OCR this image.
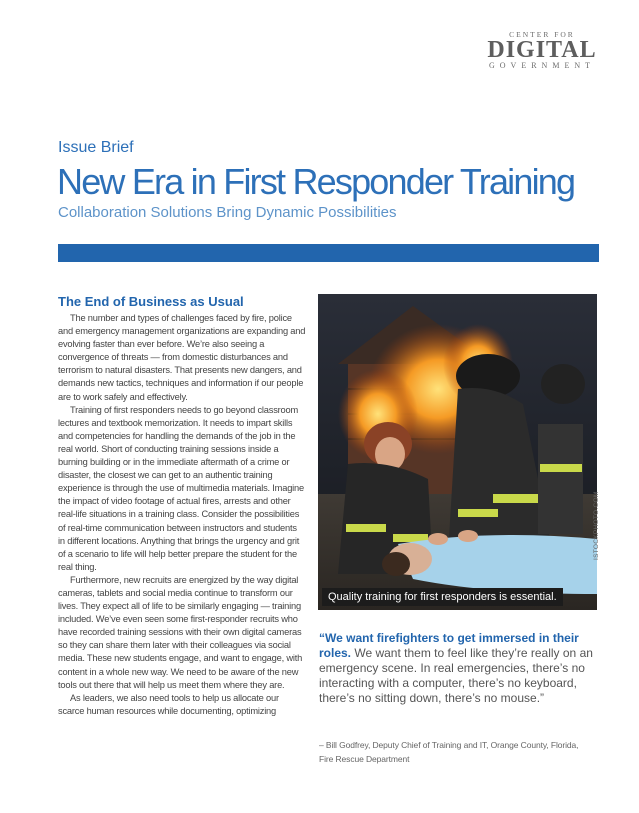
CENTER FOR
DIGITAL
GOVERNMENT
Issue Brief
New Era in First Responder Training
Collaboration Solutions Bring Dynamic Possibilities
The End of Business as Usual

The number and types of challenges faced by fire, police and emergency management organizations are expanding and evolving faster than ever before. We’re also seeing a convergence of threats — from domestic disturbances and terrorism to natural disasters. That presents new dangers, and demands new tactics, techniques and information if our people are to work safely and effectively.

Training of first responders needs to go beyond classroom lectures and textbook memorization. It needs to impart skills and competencies for handling the demands of the job in the real world. Short of conducting training sessions inside a burning building or in the immediate aftermath of a crime or disaster, the closest we can get to an authentic training experience is through the use of multimedia materials. Imagine the impact of video footage of actual fires, arrests and other real-life situations in a training class. Consider the possibilities of real-time communication between instructors and students in different locations. Anything that brings the urgency and grit of a scenario to life will help better prepare the student for the real thing.

Furthermore, new recruits are energized by the way digital cameras, tablets and social media continue to transform our lives. They expect all of life to be similarly engaging — training included. We’ve even seen some first-responder recruits who have recorded training sessions with their own digital cameras so they can share them later with their colleagues via social media. These new students engage, and want to engage, with content in a whole new way. We need to be aware of the new tools out there that will help us meet them where they are.

As leaders, we also need tools to help us allocate our scarce human resources while documenting, optimizing

Quality training for first responders is essential.
ISTOCKPHOTO.COM
“We want firefighters to get immersed in their roles. We want them to feel like they’re really on an emergency scene. In real emergencies, there’s no interacting with a computer, there’s no keyboard, there’s no sitting down, there’s no mouse.”
– Bill Godfrey, Deputy Chief of Training and IT, Orange County, Florida, Fire Rescue Department
